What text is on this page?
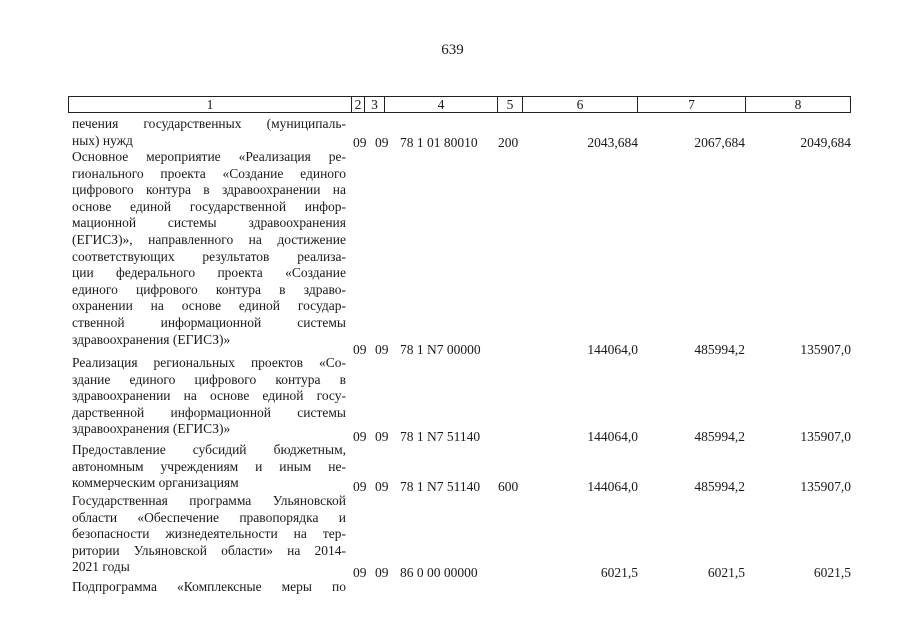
639
1	2 3	4	5	6	7	8
печения государственных (муниципаль-
ных) нужд	09 09 78 1 01 80010 200	2043,684	2067,684	2049,684
Основное мероприятие «Реализация ре-
гионального проекта «Создание единого
цифрового контура в здравоохранении на
основе единой государственной инфор-
мационной системы здравоохранения
(ЕГИСЗ)», направленного на достижение
соответствующих результатов реализа-
ции федерального проекта «Создание
единого цифрового контура в здраво-
охранении на основе единой государ-
ственной информационной системы
здравоохранения (ЕГИСЗ)»
09 09 78 1 N7 00000	144064,0	485994,2	135907,0
Реализация региональных проектов «Со-
здание единого цифрового контура в
здравоохранении на основе единой госу-
дарственной информационной системы
здравоохранения (ЕГИСЗ)»
09 09 78 1 N7 51140	144064,0	485994,2	135907,0
Предоставление субсидий бюджетным,
автономным учреждениям и иным не-
коммерческим организациям	09 09 78 1 N7 51140 600	144064,0	485994,2	135907,0
Государственная программа Ульяновской
области «Обеспечение правопорядка и
безопасности жизнедеятельности на тер-
ритории Ульяновской области» на 2014-
2021 годы	09 09 86 0 00 00000	6021,5	6021,5	6021,5
Подпрограмма «Комплексные меры по
